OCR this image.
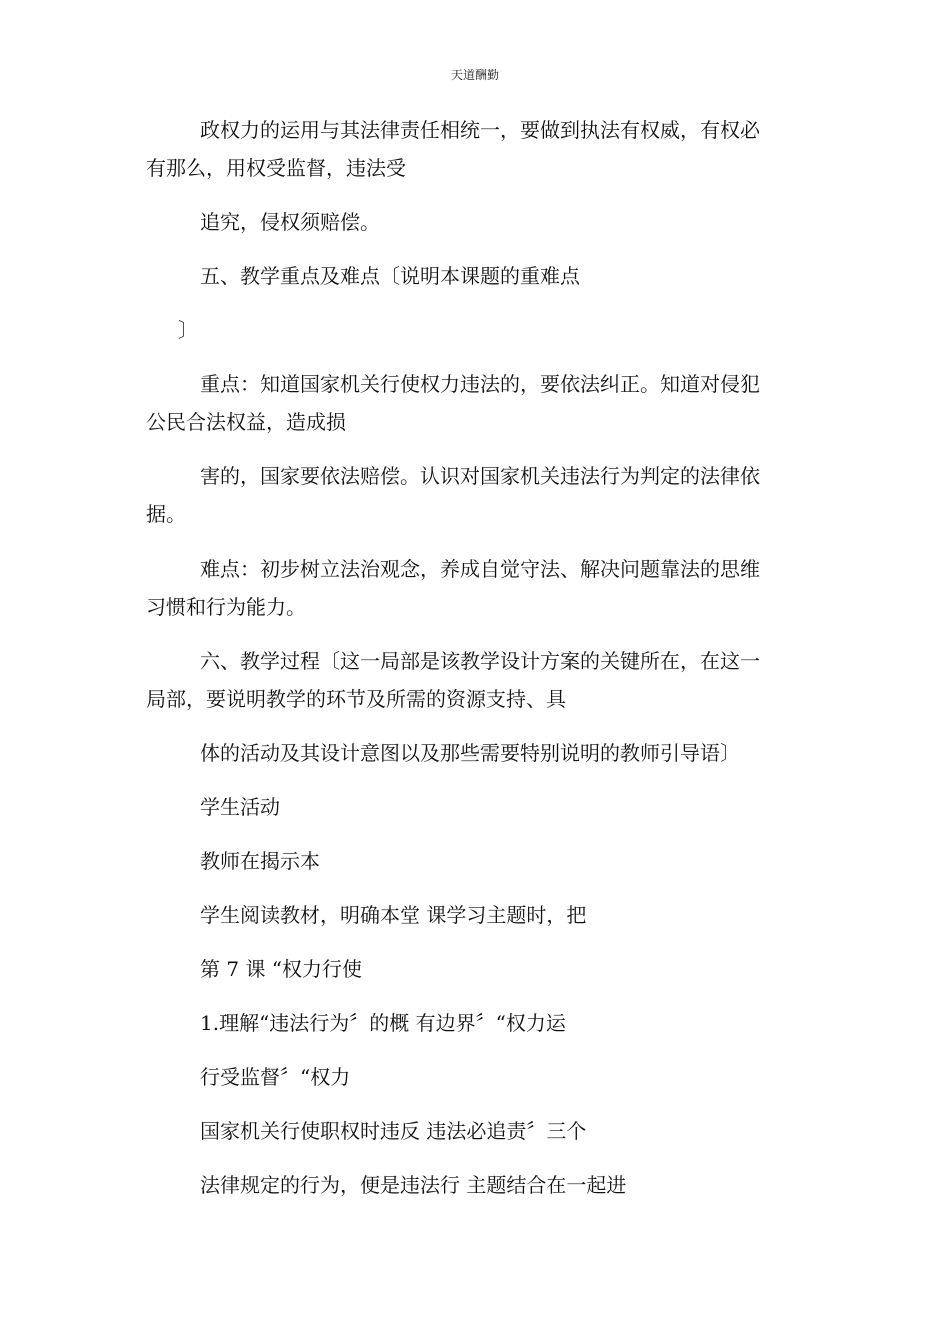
天道酬勤
政权力的运用与其法律责任相统一，要做到执法有权威，有权必
有那么，用权受监督，违法受
追究，侵权须赔偿。
五、教学重点及难点〔说明本课题的重难点
〕
重点：知道国家机关行使权力违法的，要依法纠正。知道对侵犯
公民合法权益，造成损
害的，国家要依法赔偿。认识对国家机关违法行为判定的法律依
据。
难点：初步树立法治观念，养成自觉守法、解决问题靠法的思维
习惯和行为能力。
六、教学过程〔这一局部是该教学设计方案的关键所在，在这一
局部，要说明教学的环节及所需的资源支持、具
体的活动及其设计意图以及那些需要特别说明的教师引导语〕
学生活动
教师在揭示本
学生阅读教材，明确本堂 课学习主题时，把
第 7 课 “权力行使
1.理解“违法行为〞的概 有边界〞“权力运
行受监督〞“权力
国家机关行使职权时违反 违法必追责〞三个
法律规定的行为，便是违法行 主题结合在一起进
